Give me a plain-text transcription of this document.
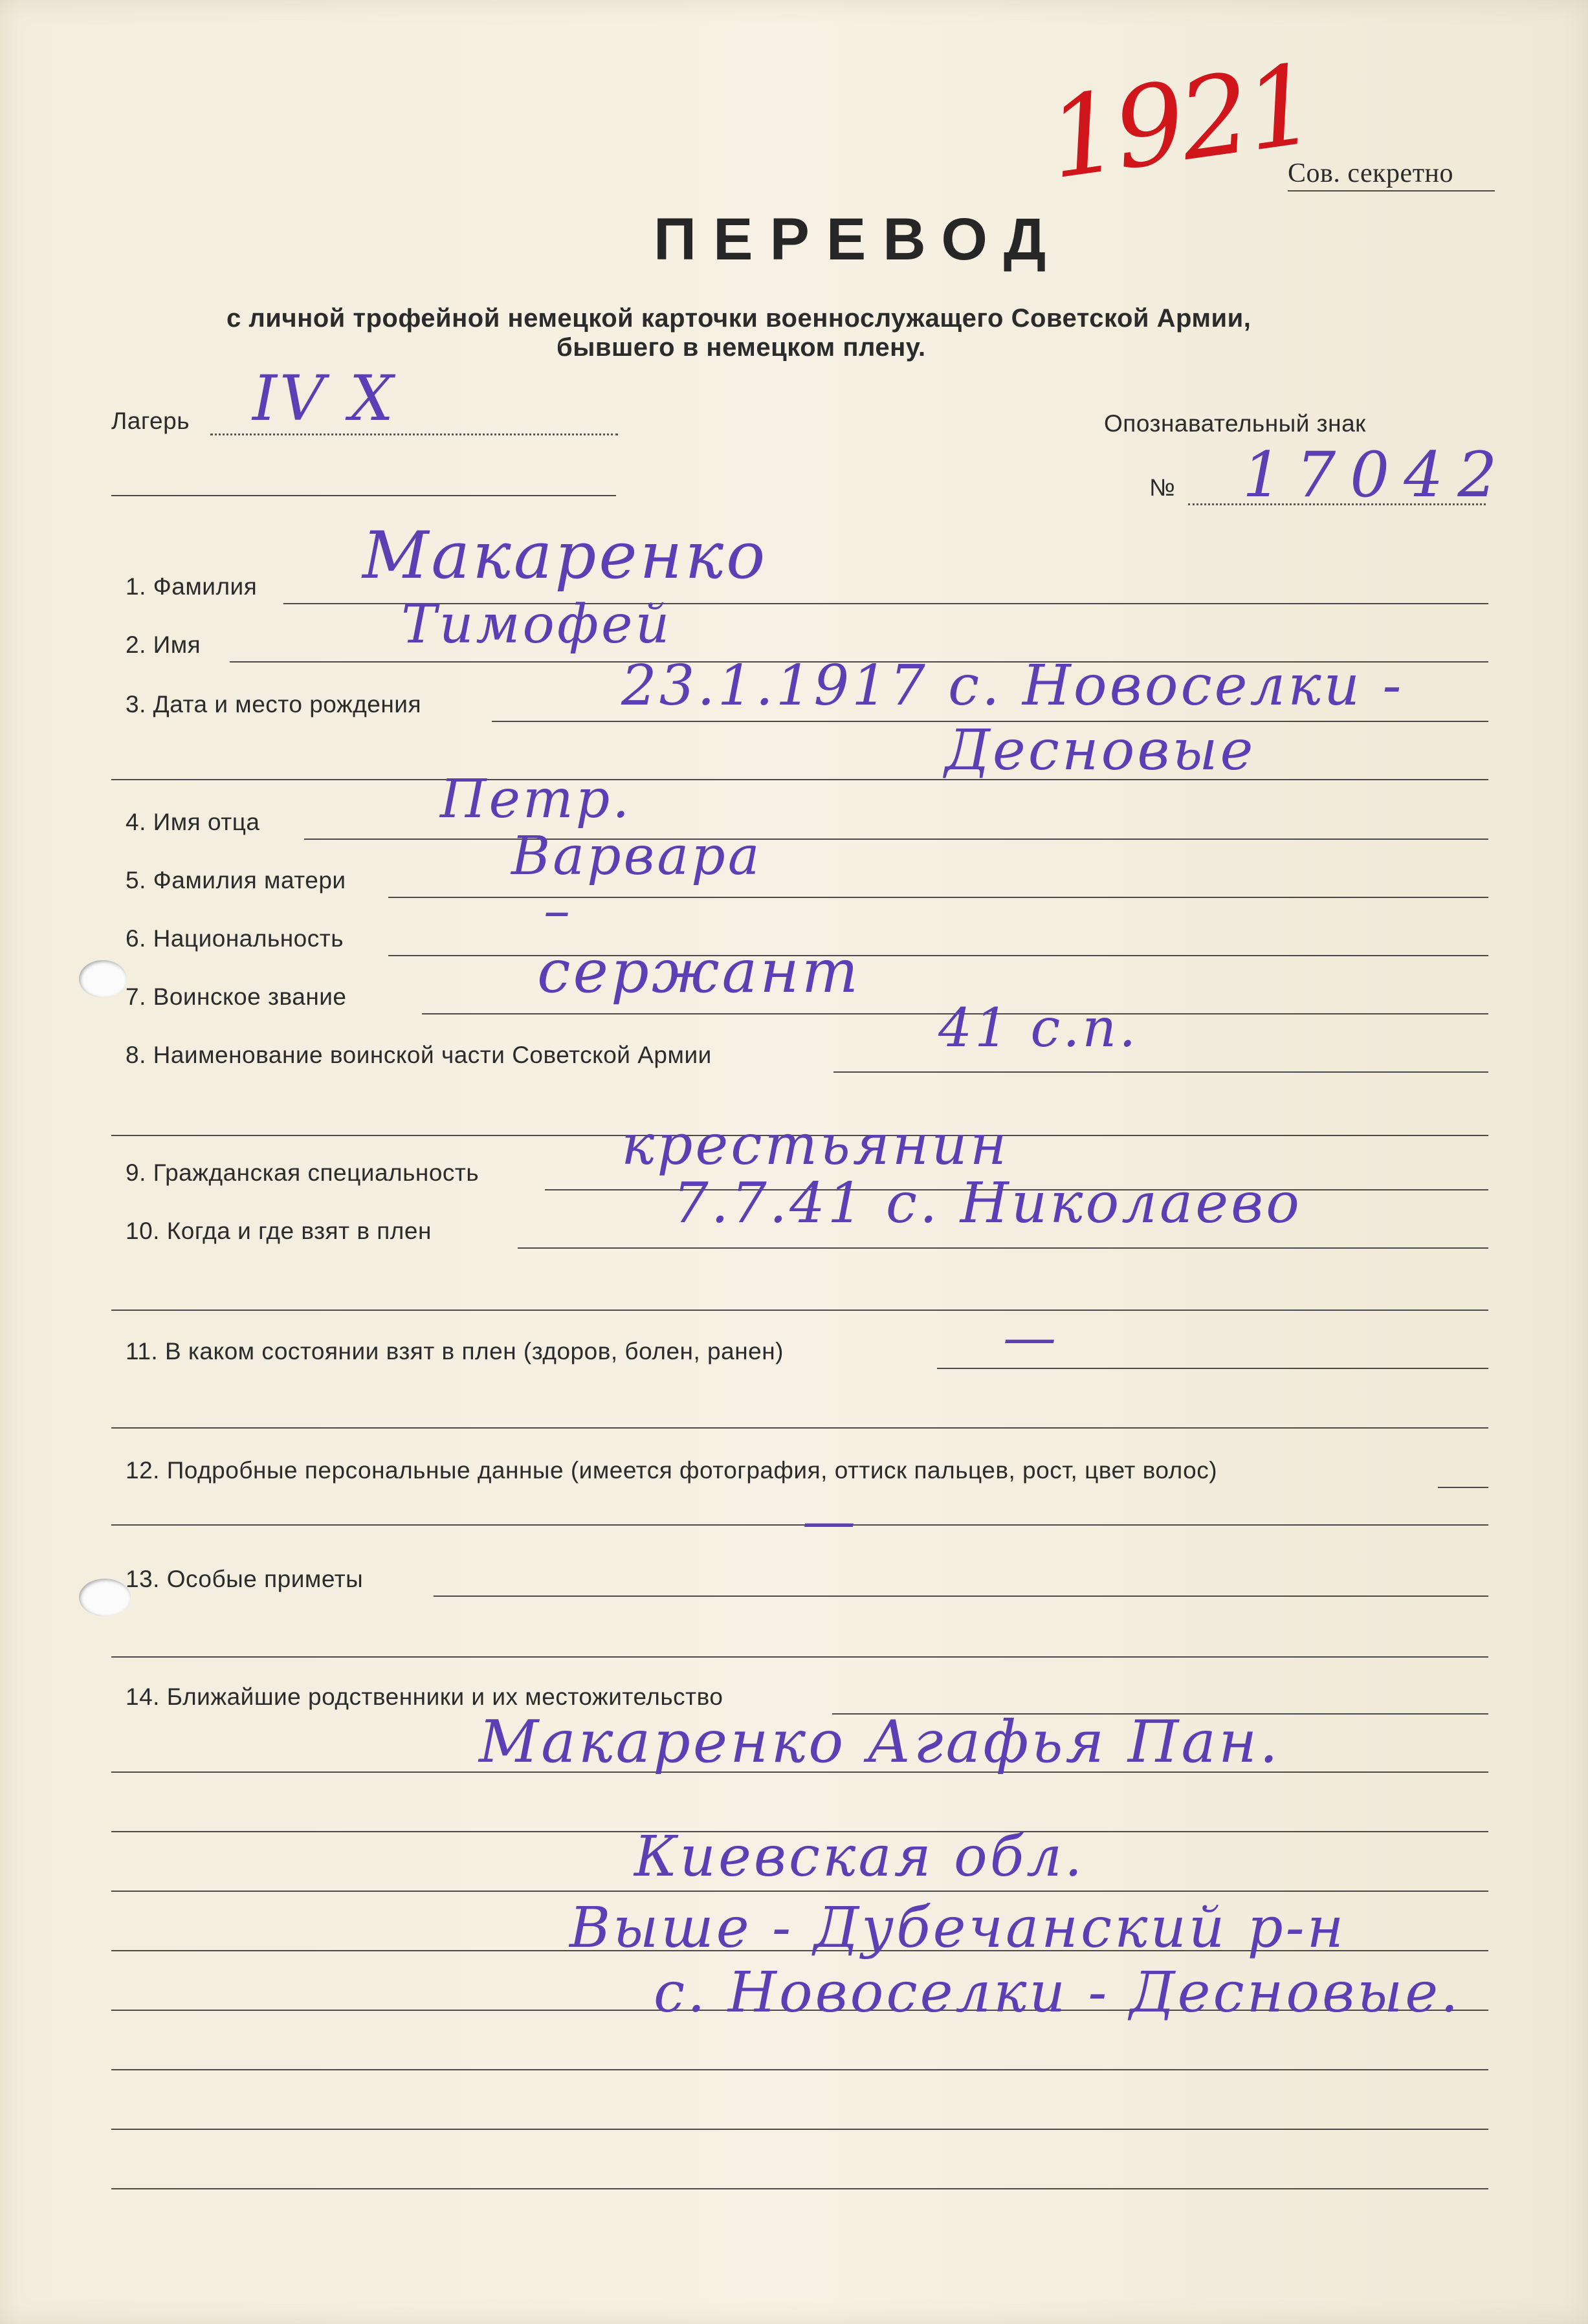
1921
Сов. секретно
ПЕРЕВОД
с личной трофейной немецкой карточки военнослужащего Советской Армии,
бывшего в немецком плену.
Лагерь IV X	Опознавательный знак
№ 17042
1. Фамилия Макаренко
2. Имя	Тимофей
3. Дата и место рождения	23.1.1917 с. Новоселки -
Десновые
4. Имя отца	Петр.
5. Фамилия матери	Варвара
6. Национальность	–
7. Воинское звание	сержант
8. Наименование воинской части Советской Армии	41 с.п.
9. Гражданская специальность	крестьянин
10. Когда и где взят в плен	7.7.41 с. Николаево
11. В каком состоянии взят в плен (здоров, болен, ранен)	—
12. Подробные персональные данные (имеется фотография, оттиск пальцев, рост, цвет волос)
—
13. Особые приметы
14. Ближайшие родственники и их местожительство
Макаренко Агафья Пан.
Киевская обл.
Выше - Дубечанский р-н
с. Новоселки - Десновые.
